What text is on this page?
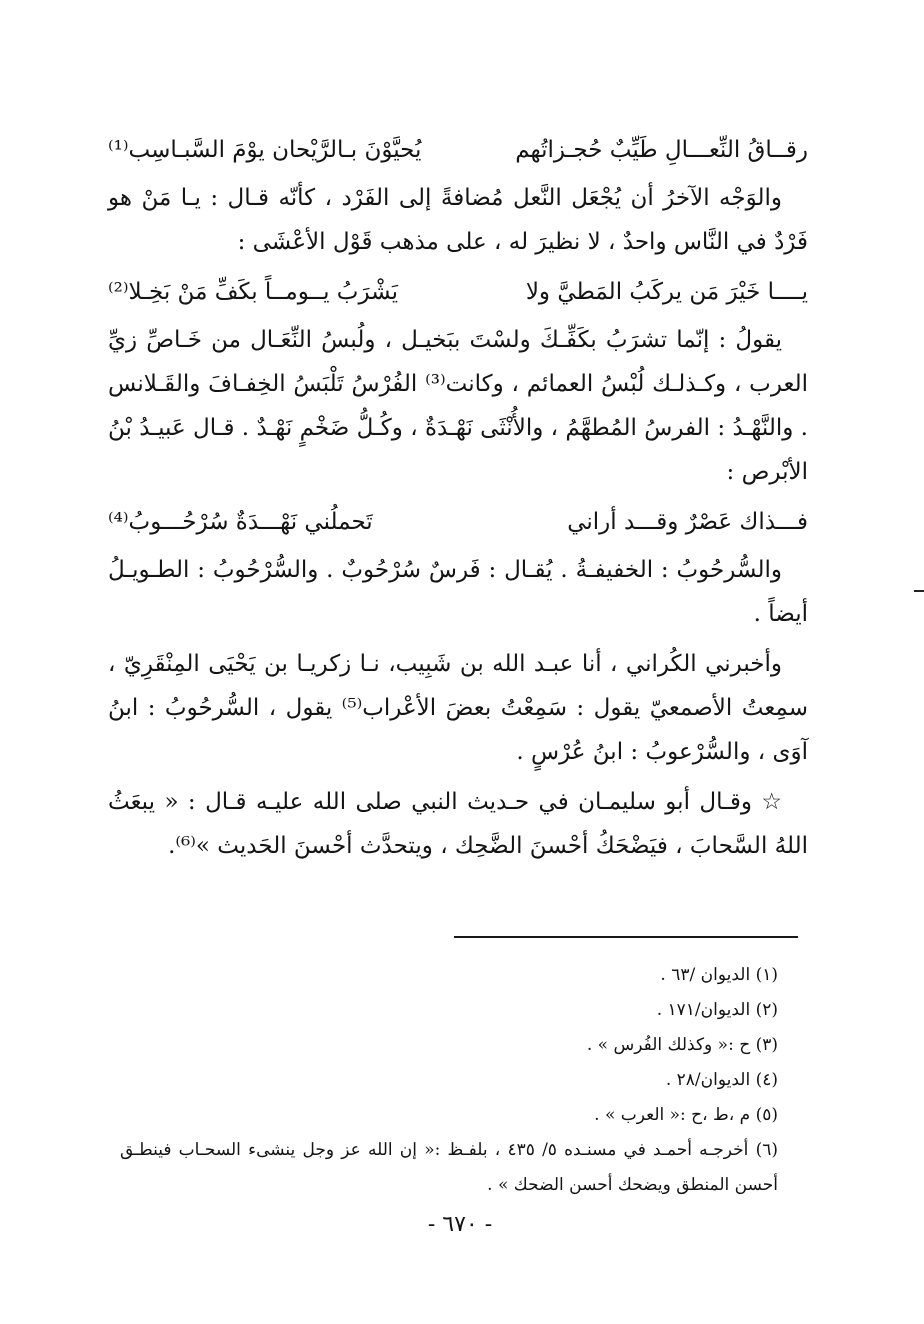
رقــاقُ النِّعـــالِ طَيِّبٌ حُجـزاتُهم
يُحيَّوْنَ بـالرَّيْحان يوْمَ السَّبـاسِب⁽¹⁾

والوَجْه الآخرُ أن يُجْعَل النَّعل مُضافةً إلى الفَرْد ، كأنّه قـال : يـا مَنْ هو فَرْدٌ في النَّاس واحدٌ ، لا نظيرَ له ، على مذهب قَوْل الأعْشَى :

يــــا خَيْرَ مَن يركَبُ المَطيَّ ولا
يَشْرَبُ يــومــاً بكَفِّ مَنْ بَخِـلا⁽²⁾

يقولُ : إنّما تشرَبُ بكَفِّـكَ ولسْتَ ببَخيـل ، ولُبسُ النِّعَـال من خَـاصِّ زيِّ العرب ، وكـذلـك لُبْسُ العمائم ، وكانت⁽³⁾ الفُرْسُ تَلْبَسُ الخِفـافَ والقَـلانس . والنَّهْـدُ : الفرسُ المُطهَّمُ ، والأُنْثَى نَهْـدَةٌ ، وكُـلُّ ضَخْمٍ نَهْـدٌ . قـال عَبيـدُ بْنُ الأبْرص :

فـــذاك عَصْرٌ وقـــد أراني
تَحملُني نَهْـــدَةٌ سُرْحُـــوبُ⁽⁴⁾

والسُّرحُوبُ : الخفيفـةُ . يُقـال : فَرسٌ سُرْحُوبٌ . والسُّرْحُوبُ : الطـويـلُ أيضاً .

وأخبرني الكُراني ، أنا عبـد الله بن شَبِيب، نـا زكريـا بن يَحْيَى المِنْقَرِيّ ، سمِعتُ الأصمعيّ يقول : سَمِعْتُ بعضَ الأعْراب⁽⁵⁾ يقول ، السُّرحُوبُ : ابنُ آوَى ، والسُّرْعوبُ : ابنُ عُرْسٍ .

☆ وقـال أبو سليمـان في حـديث النبي صلى الله عليـه قـال : « يبعَثُ اللهُ السَّحابَ ، فيَضْحَكُ أحْسنَ الضَّحِك ، ويتحدَّث أحْسنَ الحَديث »⁽⁶⁾.

(١) الديوان /٦٣ .

(٢) الديوان/١٧١ .

(٣) ح :« وكذلك الفُرس » .

(٤) الديوان/٢٨ .

(٥) م ،ط ،ح :« العرب » .

(٦) أخرجـه أحمـد في مسنـده ٥/ ٤٣٥ ، بلفـظ :« إن الله عز وجل ينشىء السحـاب فينطـق أحسن المنطق ويضحك أحسن الضحك » .

- ٦٧٠ -
